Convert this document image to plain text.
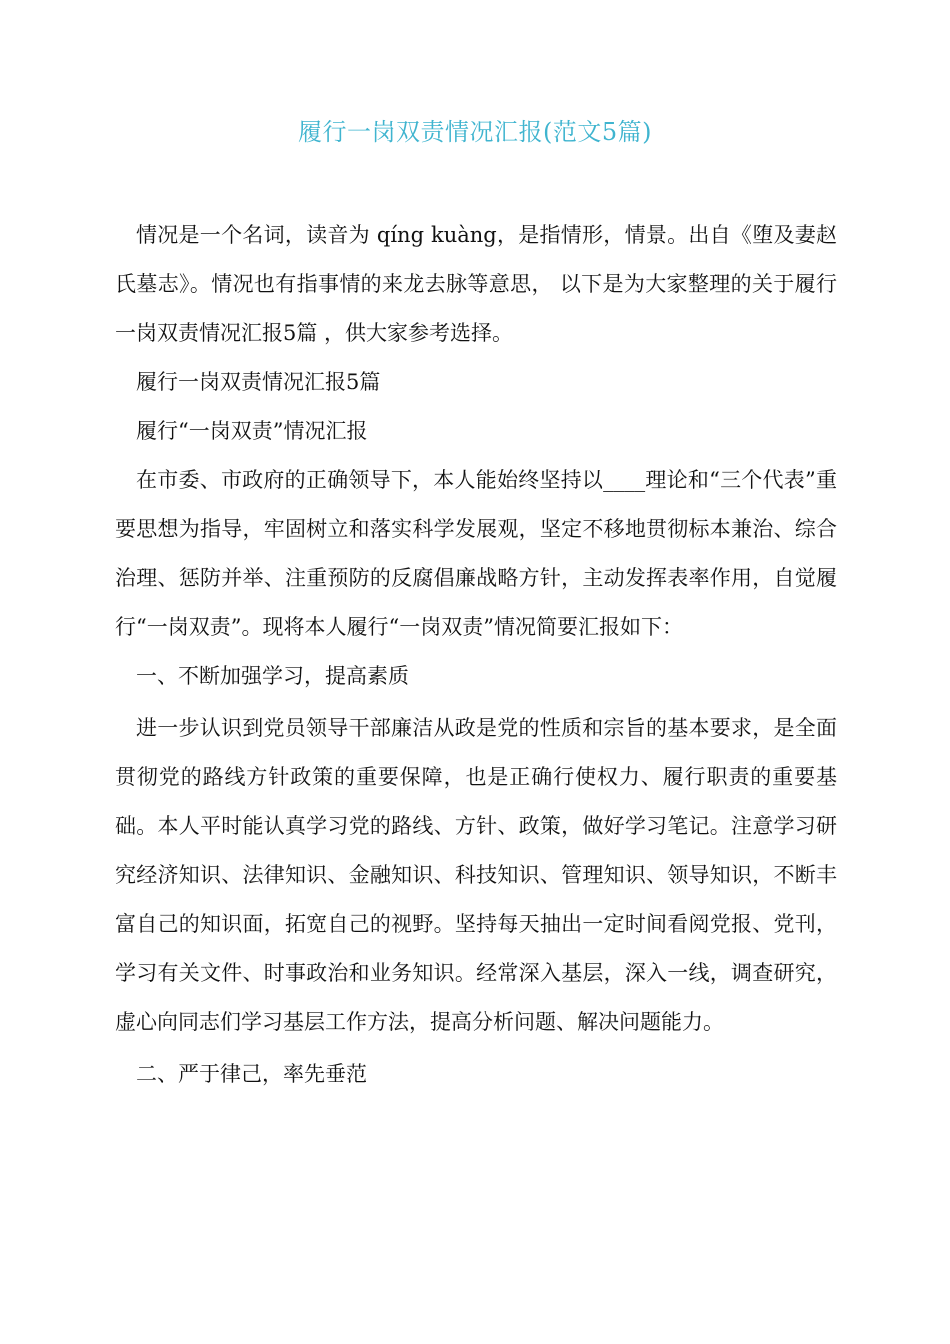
履行一岗双责情况汇报(范文5篇)

情况是一个名词，读音为 qíng kuàng，是指情形，情景。出自《堕及妻赵氏墓志》。情况也有指事情的来龙去脉等意思， 以下是为大家整理的关于履行一岗双责情况汇报5篇 ，供大家参考选择。

履行一岗双责情况汇报5篇

履行“一岗双责”情况汇报

在市委、市政府的正确领导下，本人能始终坚持以____理论和“三个代表”重要思想为指导，牢固树立和落实科学发展观，坚定不移地贯彻标本兼治、综合治理、惩防并举、注重预防的反腐倡廉战略方针，主动发挥表率作用，自觉履行“一岗双责”。现将本人履行“一岗双责”情况简要汇报如下：

一、不断加强学习，提高素质

进一步认识到党员领导干部廉洁从政是党的性质和宗旨的基本要求，是全面贯彻党的路线方针政策的重要保障，也是正确行使权力、履行职责的重要基础。本人平时能认真学习党的路线、方针、政策，做好学习笔记。注意学习研究经济知识、法律知识、金融知识、科技知识、管理知识、领导知识，不断丰富自己的知识面，拓宽自己的视野。坚持每天抽出一定时间看阅党报、党刊，学习有关文件、时事政治和业务知识。经常深入基层，深入一线，调查研究，虚心向同志们学习基层工作方法，提高分析问题、解决问题能力。

二、严于律己，率先垂范
